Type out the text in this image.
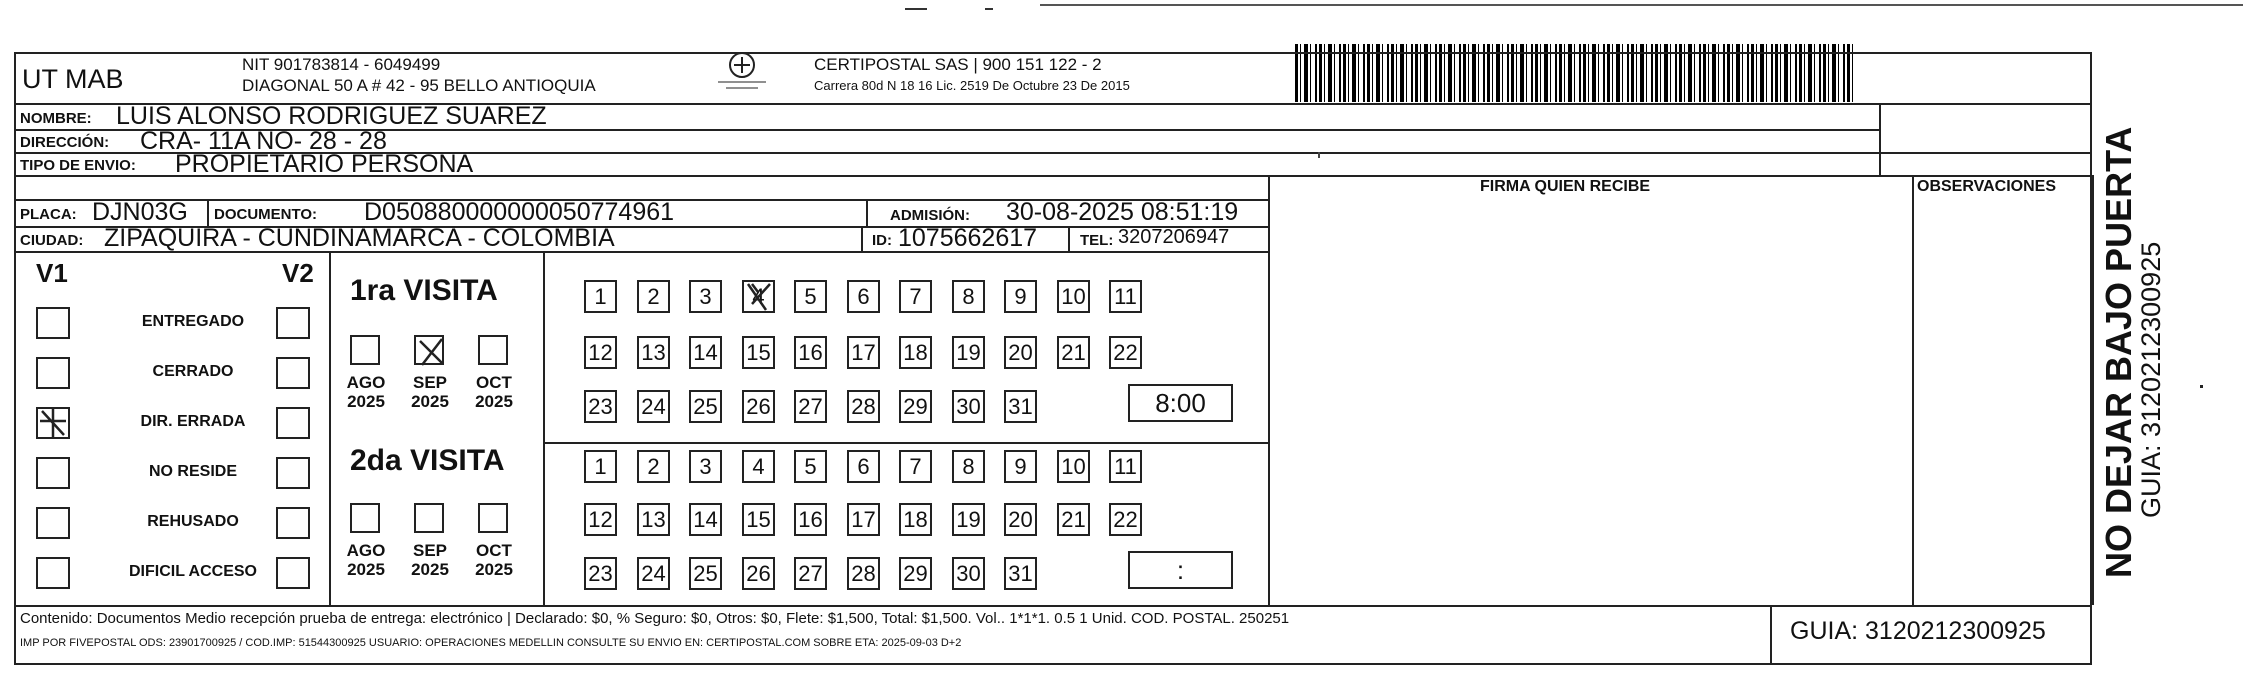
UT MAB	NIT 901783814 - 6049499
DIAGONAL 50 A # 42 - 95 BELLO ANTIOQUIA
CERTIPOSTAL SAS | 900 151 122 - 2
Carrera 80d N 18 16 Lic. 2519 De Octubre 23 De 2015
NOMBRE: LUIS ALONSO RODRIGUEZ SUAREZ
DIRECCIÓN: CRA- 11A NO- 28 - 28
TIPO DE ENVIO: PROPIETARIO PERSONA
FIRMA QUIEN RECIBE	OBSERVACIONES
PLACA: DJN03G DOCUMENTO: D050880000000050774961	ADMISIÓN: 30-08-2025 08:51:19
CIUDAD: ZIPAQUIRA - CUNDINAMARCA - COLOMBIA	ID: 1075662617	TEL: 3207206947
V1	V2
ENTREGADO
CERRADO
DIR. ERRADA
NO RESIDE
REHUSADO
DIFICIL ACCESO
1ra VISITA
2da VISITA
AGO
2025
SEP
2025
OCT
2025
AGO
2025
SEP
2025
OCT
2025
1	2	3	4	5	6	7	8	9	10 11
12 13 14 15 16 17 18 19 20 21 22
23 24 25 26 27 28 29 30 31	8:00
1	2	3	4	5	6	7	8	9	10 11
12 13 14 15 16 17 18 19 20 21 22
23 24 25 26 27 28 29 30 31	:
Contenido: Documentos Medio recepción prueba de entrega: electrónico | Declarado: $0, % Seguro: $0, Otros: $0, Flete: $1,500, Total: $1,500. Vol.. 1*1*1. 0.5 1 Unid. COD. POSTAL. 250251
IMP POR FIVEPOSTAL ODS: 23901700925 / COD.IMP: 51544300925 USUARIO: OPERACIONES MEDELLIN CONSULTE SU ENVIO EN: CERTIPOSTAL.COM SOBRE ETA: 2025-09-03 D+2	GUIA: 3120212300925
NO DEJAR BAJO PUERTA
GUIA: 3120212300925
